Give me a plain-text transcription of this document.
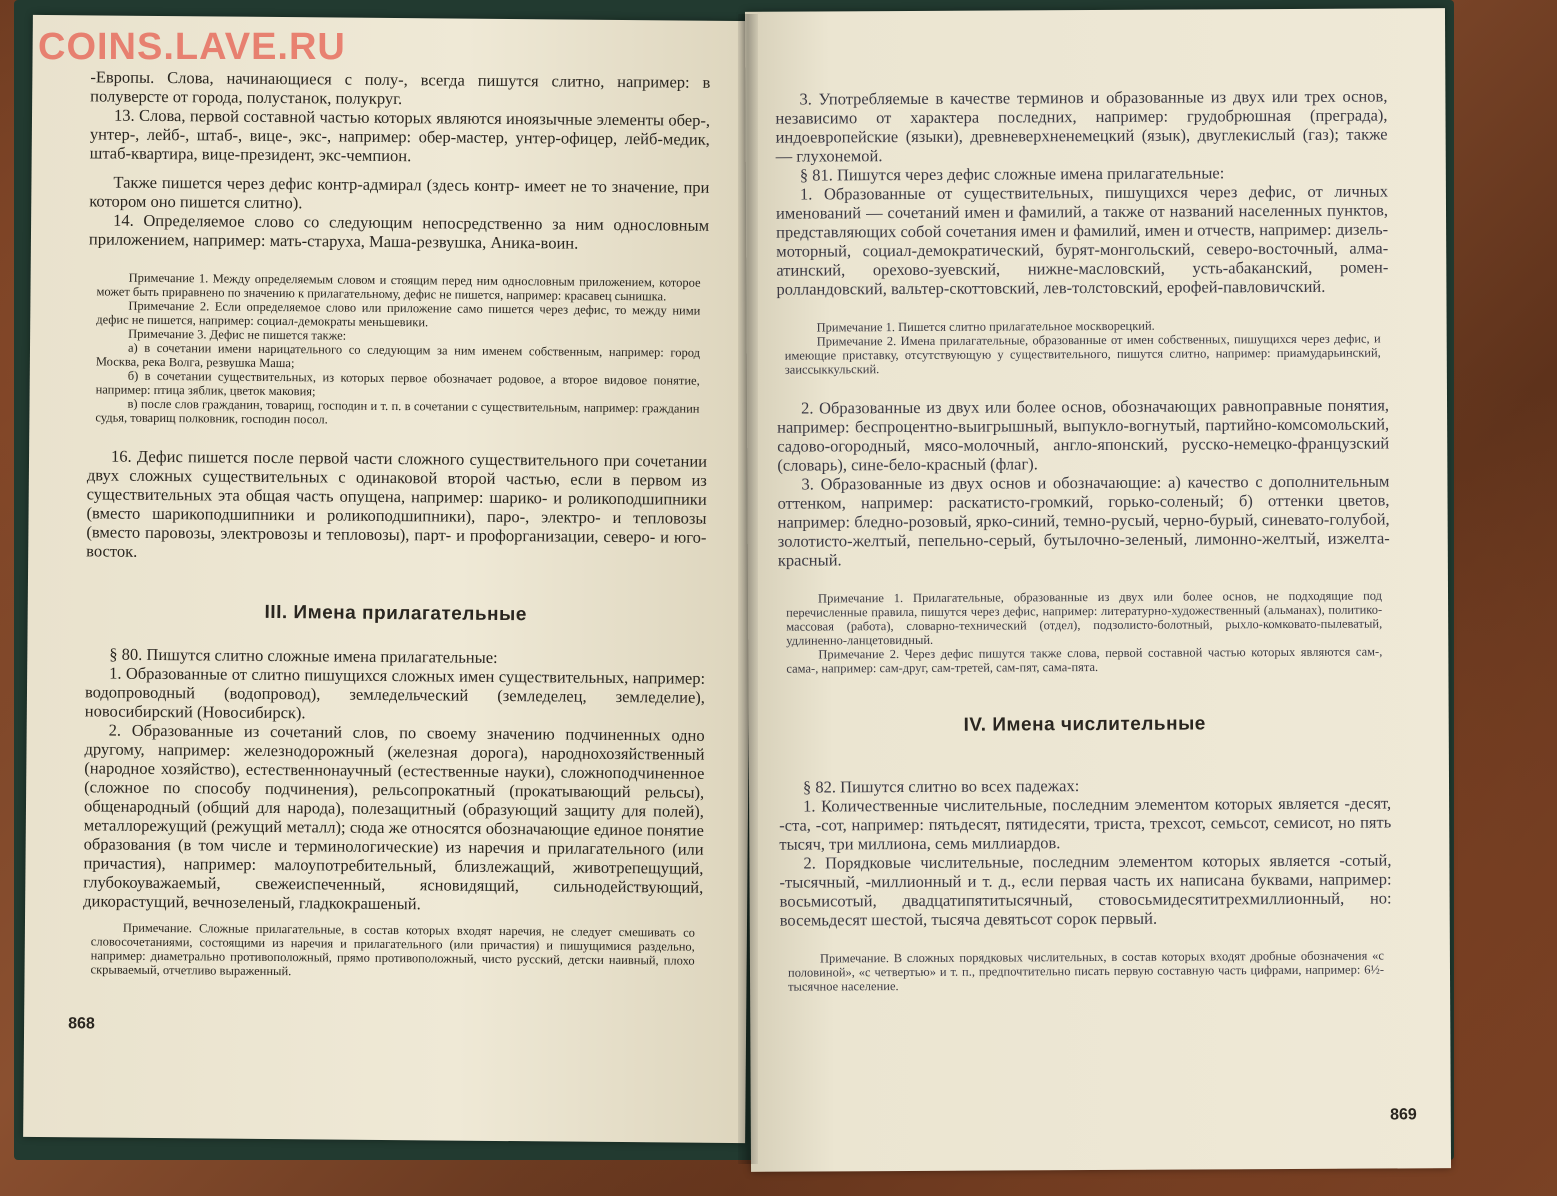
-Европы. Слова, начинающиеся с полу-, всегда пишутся слитно, например: в полуверсте от города, полустанок, полукруг.

13. Слова, первой составной частью которых являются иноязычные элементы обер-, унтер-, лейб-, штаб-, вице-, экс-, например: обер-мастер, унтер-офицер, лейб-медик, штаб-квартира, вице-президент, экс-чемпион.

Также пишется через дефис контр-адмирал (здесь контр- имеет не то значение, при котором оно пишется слитно).

14. Определяемое слово со следующим непосредственно за ним однословным приложением, например: мать-старуха, Маша-резвушка, Аника-воин.

Примечание 1. Между определяемым словом и стоящим перед ним однословным приложением, которое может быть приравнено по значению к прилагательному, дефис не пишется, например: красавец сынишка.

Примечание 2. Если определяемое слово или приложение само пишется через дефис, то между ними дефис не пишется, например: социал-демократы меньшевики.

Примечание 3. Дефис не пишется также:

а) в сочетании имени нарицательного со следующим за ним именем собственным, например: город Москва, река Волга, резвушка Маша;

б) в сочетании существительных, из которых первое обозначает родовое, а второе видовое понятие, например: птица зяблик, цветок маковия;

в) после слов гражданин, товарищ, господин и т. п. в сочетании с существительным, например: гражданин судья, товарищ полковник, господин посол.

16. Дефис пишется после первой части сложного существительного при сочетании двух сложных существительных с одинаковой второй частью, если в первом из существительных эта общая часть опущена, например: шарико- и роликоподшипники (вместо шарикоподшипники и роликоподшипники), паро-, электро- и тепловозы (вместо паровозы, электровозы и тепловозы), парт- и профорганизации, северо- и юго-восток.

III. Имена прилагательные

§ 80. Пишутся слитно сложные имена прилагательные:

1. Образованные от слитно пишущихся сложных имен существительных, например: водопроводный (водопровод), земледельческий (земледелец, земледелие), новосибирский (Новосибирск).

2. Образованные из сочетаний слов, по своему значению подчиненных одно другому, например: железнодорожный (железная дорога), народнохозяйственный (народное хозяйство), естественнонаучный (естественные науки), сложноподчиненное (сложное по способу подчинения), рельсопрокатный (прокатывающий рельсы), общенародный (общий для народа), полезащитный (образующий защиту для полей), металлорежущий (режущий металл); сюда же относятся обозначающие единое понятие образования (в том числе и терминологические) из наречия и прилагательного (или причастия), например: малоупотребительный, близлежащий, животрепещущий, глубокоуважаемый, свежеиспеченный, ясновидящий, сильнодействующий, дикорастущий, вечнозеленый, гладкокрашеный.

Примечание. Сложные прилагательные, в состав которых входят наречия, не следует смешивать со словосочетаниями, состоящими из наречия и прилагательного (или причастия) и пишущимися раздельно, например: диаметрально противоположный, прямо противоположный, чисто русский, детски наивный, плохо скрываемый, отчетливо выраженный.

868

3. Употребляемые в качестве терминов и образованные из двух или трех основ, независимо от характера последних, например: грудобрюшная (преграда), индоевропейские (языки), древневерхненемецкий (язык), двуглекислый (газ); также — глухонемой.

§ 81. Пишутся через дефис сложные имена прилагательные:

1. Образованные от существительных, пишущихся через дефис, от личных именований — сочетаний имен и фамилий, а также от названий населенных пунктов, представляющих собой сочетания имен и фамилий, имен и отчеств, например: дизель-моторный, социал-демократический, бурят-монгольский, северо-восточный, алма-атинский, орехово-зуевский, нижне-масловский, усть-абаканский, ромен-ролландовский, вальтер-скоттовский, лев-толстовский, ерофей-павловичский.

Примечание 1. Пишется слитно прилагательное москворецкий.

Примечание 2. Имена прилагательные, образованные от имен собственных, пишущихся через дефис, и имеющие приставку, отсутствующую у существительного, пишутся слитно, например: приамударьинский, заиссыккульский.

2. Образованные из двух или более основ, обозначающих равноправные понятия, например: беспроцентно-выигрышный, выпукло-вогнутый, партийно-комсомольский, садово-огородный, мясо-молочный, англо-японский, русско-немецко-французский (словарь), сине-бело-красный (флаг).

3. Образованные из двух основ и обозначающие: а) качество с дополнительным оттенком, например: раскатисто-громкий, горько-соленый; б) оттенки цветов, например: бледно-розовый, ярко-синий, темно-русый, черно-бурый, синевато-голубой, золотисто-желтый, пепельно-серый, бутылочно-зеленый, лимонно-желтый, изжелта-красный.

Примечание 1. Прилагательные, образованные из двух или более основ, не подходящие под перечисленные правила, пишутся через дефис, например: литературно-художественный (альманах), политико-массовая (работа), словарно-технический (отдел), подзолисто-болотный, рыхло-комковато-пылеватый, удлиненно-ланцетовидный.

Примечание 2. Через дефис пишутся также слова, первой составной частью которых являются сам-, сама-, например: сам-друг, сам-третей, сам-пят, сама-пята.

IV. Имена числительные

§ 82. Пишутся слитно во всех падежах:

1. Количественные числительные, последним элементом которых является -десят, -ста, -сот, например: пятьдесят, пятидесяти, триста, трехсот, семьсот, семисот, но пять тысяч, три миллиона, семь миллиардов.

2. Порядковые числительные, последним элементом которых является -сотый, -тысячный, -миллионный и т. д., если первая часть их написана буквами, например: восьмисотый, двадцатипятитысячный, стовосьмидесятитрехмиллионный, но: восемьдесят шестой, тысяча девятьсот сорок первый.

Примечание. В сложных порядковых числительных, в состав которых входят дробные обозначения «с половиной», «с четвертью» и т. п., предпочтительно писать первую составную часть цифрами, например: 6½-тысячное население.

869
COINS.LAVE.RU
